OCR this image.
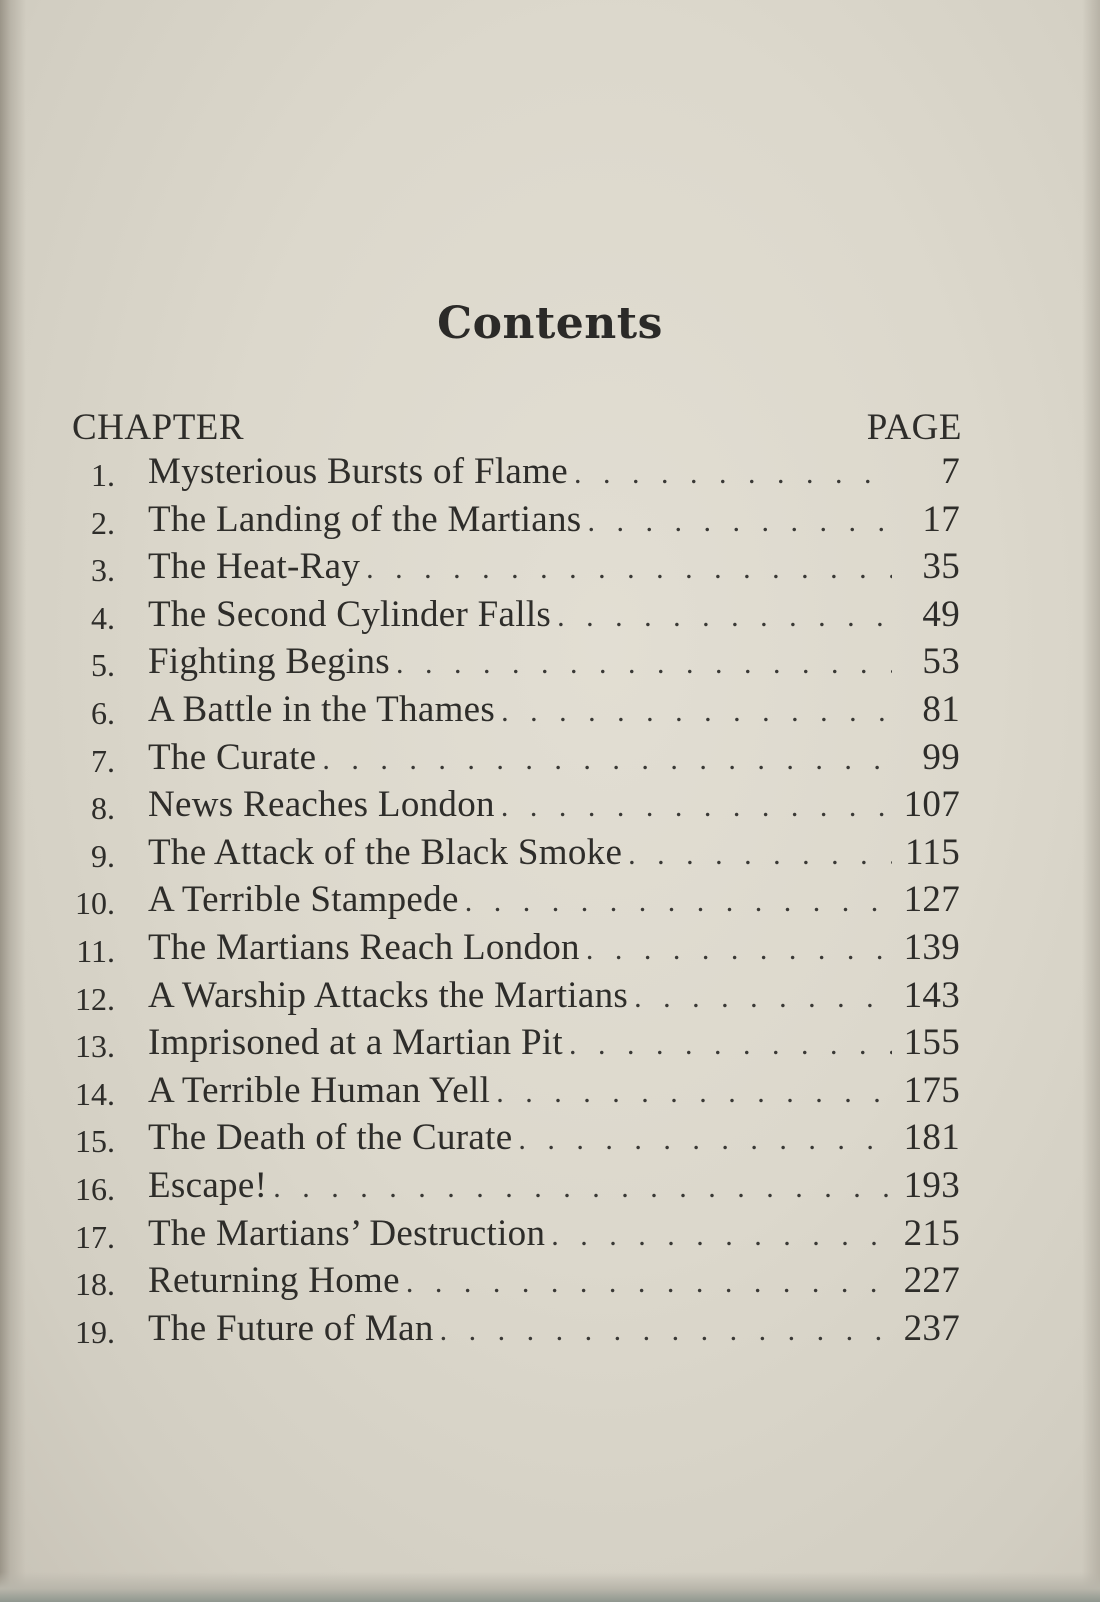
Contents
CHAPTER	PAGE
1. Mysterious Bursts of Flame . . .	7
2. The Landing of the Martians . . .	17
3. The Heat-Ray . . .	35
4. The Second Cylinder Falls . . .	49
5. Fighting Begins . . .	53
6. A Battle in the Thames . . .	81
7. The Curate . . .	99
8. News Reaches London . . .	107
9. The Attack of the Black Smoke . . .	115
10. A Terrible Stampede . . .	127
11. The Martians Reach London . . .	139
12. A Warship Attacks the Martians . . .	143
13. Imprisoned at a Martian Pit . . .	155
14. A Terrible Human Yell . . .	175
15. The Death of the Curate . . .	181
16. Escape! . . .	193
17. The Martians’ Destruction . . .	215
18. Returning Home . . .	227
19. The Future of Man . . .	237
